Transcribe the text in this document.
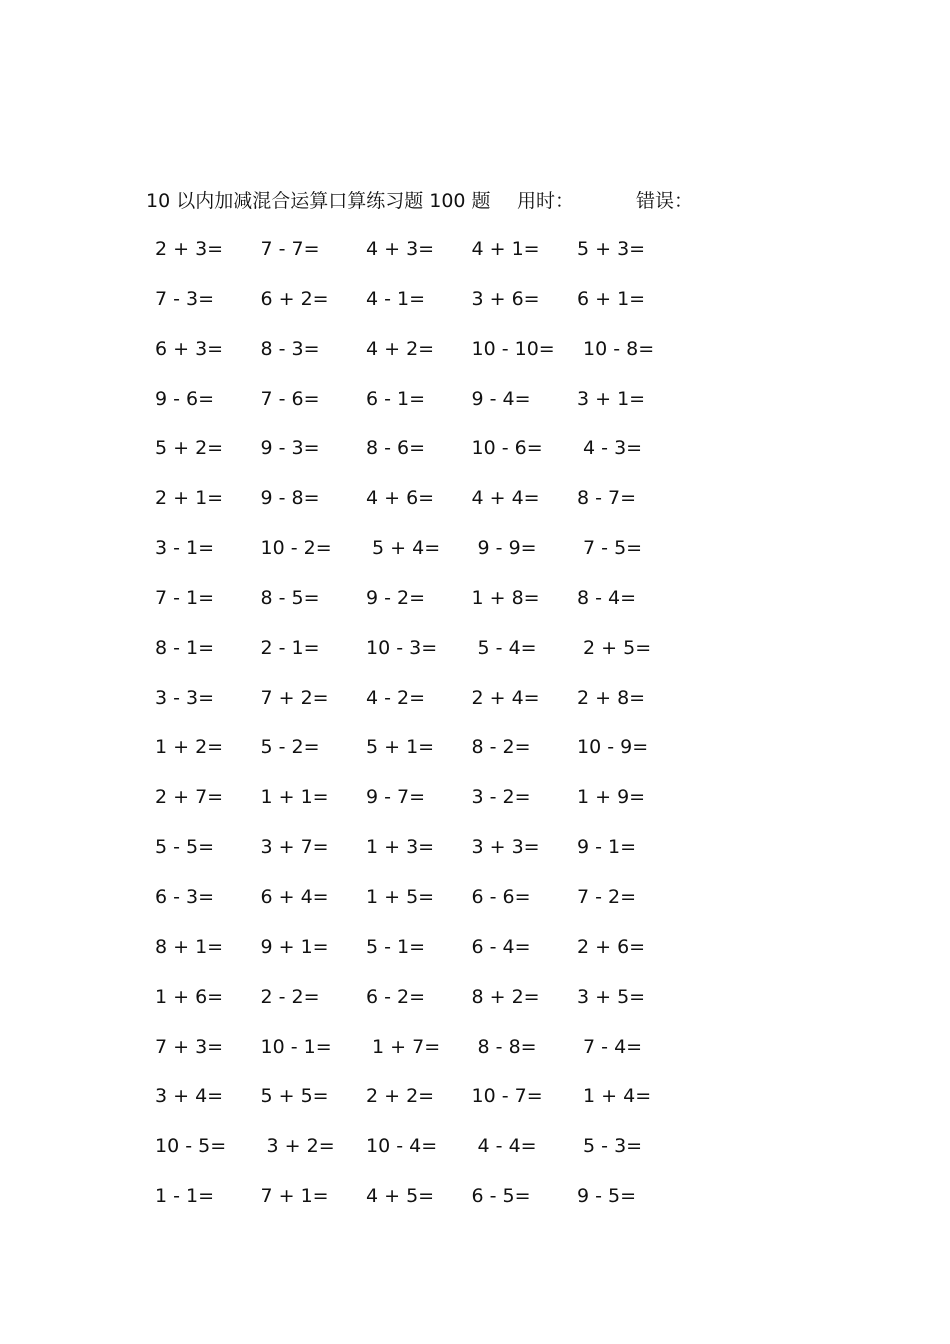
10 以内加减混合运算口算练习题 100 题 用时：	错误：
2 + 3=	7 - 7=	4 + 3=	4 + 1=	5 + 3=
7 - 3=	6 + 2=	4 - 1=	3 + 6=	6 + 1=
6 + 3=	8 - 3=	4 + 2=	10 - 10=	10 - 8=
9 - 6=	7 - 6=	6 - 1=	9 - 4=	3 + 1=
5 + 2=	9 - 3=	8 - 6=	10 - 6=	4 - 3=
2 + 1=	9 - 8=	4 + 6=	4 + 4=	8 - 7=
3 - 1=	10 - 2=	5 + 4=	9 - 9=	7 - 5=
7 - 1=	8 - 5=	9 - 2=	1 + 8=	8 - 4=
8 - 1=	2 - 1=	10 - 3=	5 - 4=	2 + 5=
3 - 3=	7 + 2=	4 - 2=	2 + 4=	2 + 8=
1 + 2=	5 - 2=	5 + 1=	8 - 2=	10 - 9=
2 + 7=	1 + 1=	9 - 7=	3 - 2=	1 + 9=
5 - 5=	3 + 7=	1 + 3=	3 + 3=	9 - 1=
6 - 3=	6 + 4=	1 + 5=	6 - 6=	7 - 2=
8 + 1=	9 + 1=	5 - 1=	6 - 4=	2 + 6=
1 + 6=	2 - 2=	6 - 2=	8 + 2=	3 + 5=
7 + 3=	10 - 1=	1 + 7=	8 - 8=	7 - 4=
3 + 4=	5 + 5=	2 + 2=	10 - 7=	1 + 4=
10 - 5=	3 + 2=	10 - 4=	4 - 4=	5 - 3=
1 - 1=	7 + 1=	4 + 5=	6 - 5=	9 - 5=
